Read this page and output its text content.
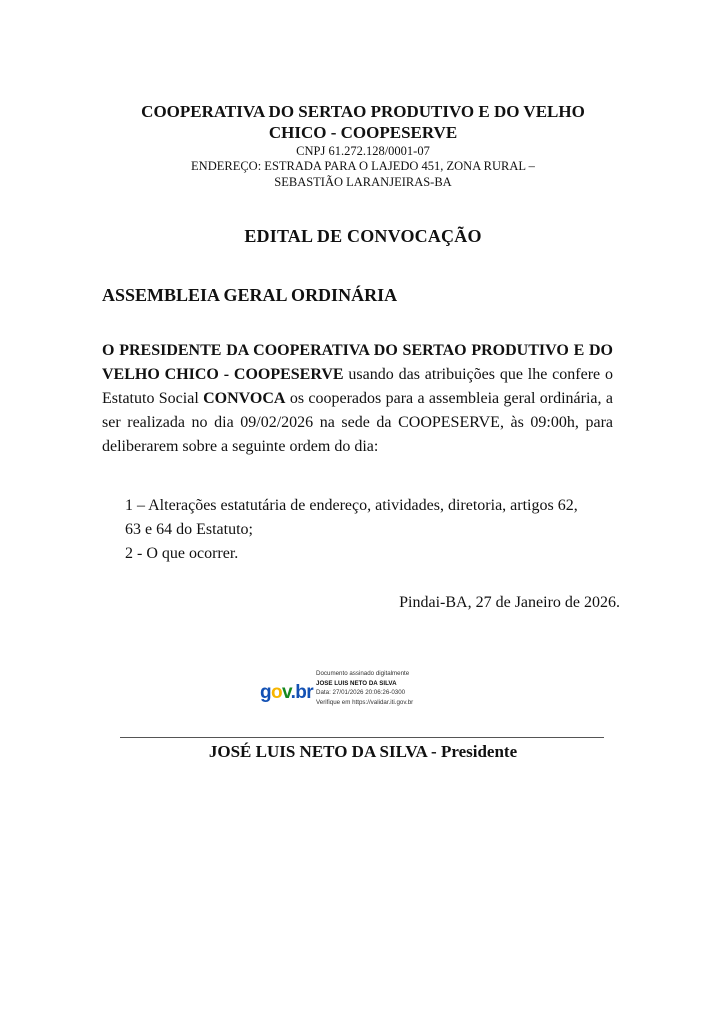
COOPERATIVA DO SERTAO PRODUTIVO E DO VELHO
CHICO - COOPESERVE
CNPJ 61.272.128/0001-07
ENDEREÇO: ESTRADA PARA O LAJEDO 451, ZONA RURAL –
SEBASTIÃO LARANJEIRAS-BA
EDITAL DE CONVOCAÇÃO
ASSEMBLEIA GERAL ORDINÁRIA
O PRESIDENTE DA COOPERATIVA DO SERTAO PRODUTIVO E DO VELHO CHICO - COOPESERVE usando das atribuições que lhe confere o Estatuto Social CONVOCA os cooperados para a assembleia geral ordinária, a ser realizada no dia 09/02/2026 na sede da COOPESERVE, às 09:00h, para deliberarem sobre a seguinte ordem do dia:
1 – Alterações estatutária de endereço, atividades, diretoria, artigos 62,
63 e 64 do Estatuto;
2 - O que ocorrer.
Pindai-BA, 27 de Janeiro de 2026.
gov.br
Documento assinado digitalmente
JOSE LUIS NETO DA SILVA
Data: 27/01/2026 20:06:26-0300
Verifique em https://validar.iti.gov.br
JOSÉ LUIS NETO DA SILVA - Presidente
